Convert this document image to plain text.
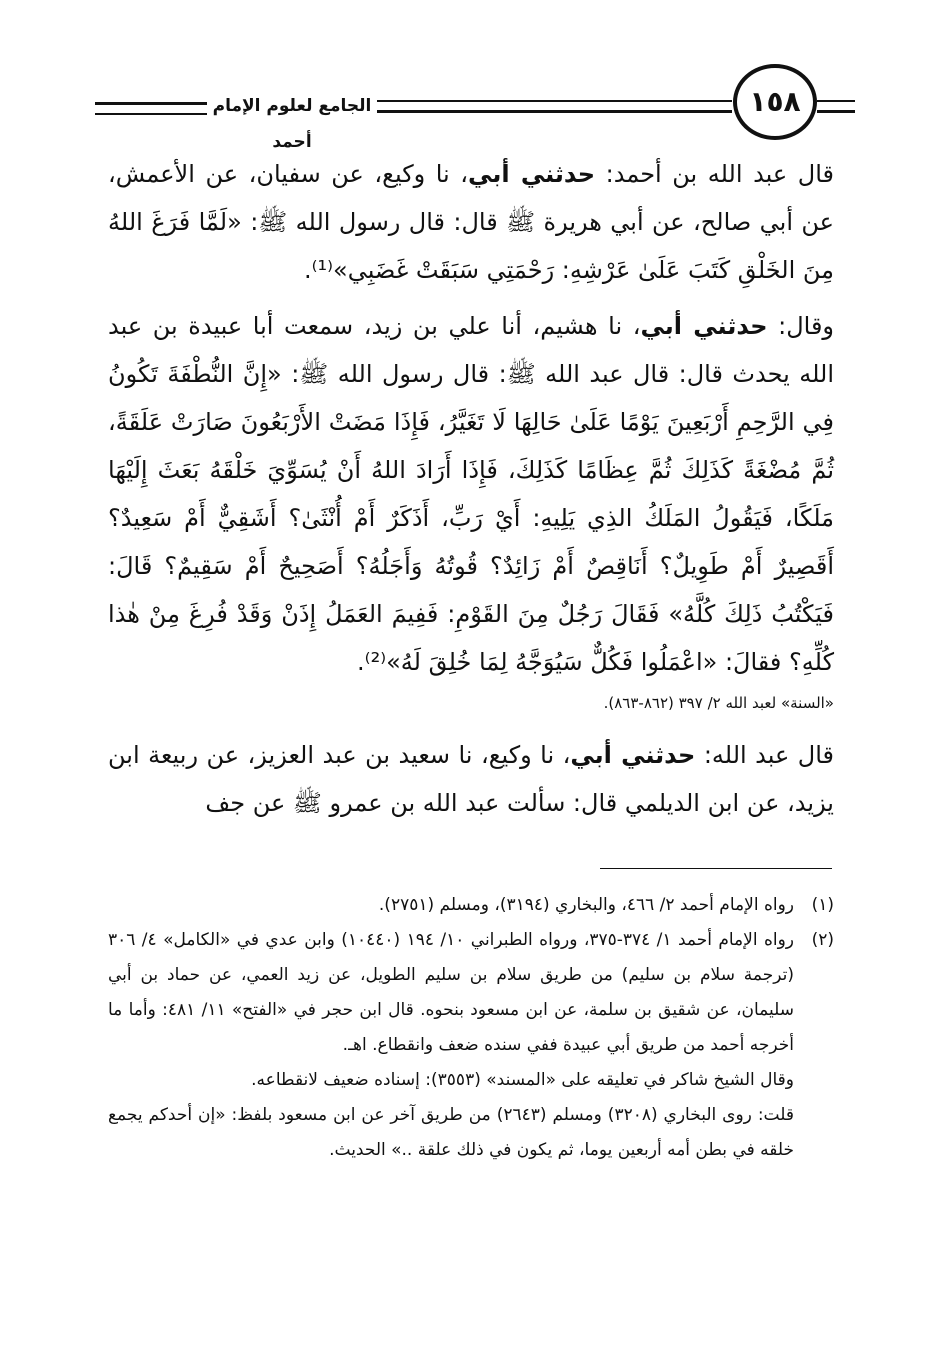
الجامع لعلوم الإمام أحمد
١٥٨

قال عبد الله بن أحمد: حدثني أبي، نا وكيع، عن سفيان، عن الأعمش، عن أبي صالح، عن أبي هريرة ﷺ قال: قال رسول الله ﷺ: «لَمَّا فَرَغَ اللهُ مِنَ الخَلْقِ كَتَبَ عَلَىٰ عَرْشِهِ: رَحْمَتِي سَبَقَتْ غَضَبِي»⁽¹⁾.

وقال: حدثني أبي، نا هشيم، أنا علي بن زيد، سمعت أبا عبيدة بن عبد الله يحدث قال: قال عبد الله ﷺ: قال رسول الله ﷺ: «إِنَّ النُّطْفَةَ تَكُونُ فِي الرَّحِمِ أَرْبَعِينَ يَوْمًا عَلَىٰ حَالِهَا لَا تَغَيَّرُ، فَإِذَا مَضَتْ الأَرْبَعُونَ صَارَتْ عَلَقَةً، ثُمَّ مُضْغَةً كَذَلِكَ ثُمَّ عِظَامًا كَذَلِكَ، فَإِذَا أَرَادَ اللهُ أَنْ يُسَوِّيَ خَلْقَهُ بَعَثَ إِلَيْهَا مَلَكًا، فَيَقُولُ المَلَكُ الذِي يَلِيهِ: أَيْ رَبِّ، أَذَكَرٌ أَمْ أُنْثَىٰ؟ أَشَقِيٌّ أَمْ سَعِيدٌ؟ أَقَصِيرٌ أَمْ طَوِيلٌ؟ أَنَاقِصٌ أَمْ زَائِدٌ؟ قُوتُهُ وَأَجَلُهُ؟ أَصَحِيحٌ أَمْ سَقِيمٌ؟ قَالَ: فَيَكْتُبُ ذَلِكَ كُلَّهُ» فَقَالَ رَجُلٌ مِنَ القَوْمِ: فَفِيمَ العَمَلُ إِذَنْ وَقَدْ فُرِغَ مِنْ هٰذا كُلِّهِ؟ فقالَ: «اعْمَلُوا فَكُلٌّ سَيُوَجَّهُ لِمَا خُلِقَ لَهُ»⁽²⁾.

«السنة» لعبد الله ٢/ ٣٩٧ (٨٦٢-٨٦٣).

قال عبد الله: حدثني أبي، نا وكيع، نا سعيد بن عبد العزيز، عن ربيعة ابن يزيد، عن ابن الديلمي قال: سألت عبد الله بن عمرو ﷺ عن جف

(١)
رواه الإمام أحمد ٢/ ٤٦٦، والبخاري (٣١٩٤)، ومسلم (٢٧٥١).
(٢)
رواه الإمام أحمد ١/ ٣٧٤-٣٧٥، ورواه الطبراني ١٠/ ١٩٤ (١٠٤٤٠) وابن عدي في «الكامل» ٤/ ٣٠٦ (ترجمة سلام بن سليم) من طريق سلام بن سليم الطويل، عن زيد العمي، عن حماد بن أبي سليمان، عن شقيق بن سلمة، عن ابن مسعود بنحوه. قال ابن حجر في «الفتح» ١١/ ٤٨١: وأما ما أخرجه أحمد من طريق أبي عبيدة ففي سنده ضعف وانقطاع. اهـ.

وقال الشيخ شاكر في تعليقه على «المسند» (٣٥٥٣): إسناده ضعيف لانقطاعه.

قلت: روى البخاري (٣٢٠٨) ومسلم (٢٦٤٣) من طريق آخر عن ابن مسعود بلفظ: «إن أحدكم يجمع خلقه في بطن أمه أربعين يوما، ثم يكون في ذلك علقة ..» الحديث.
